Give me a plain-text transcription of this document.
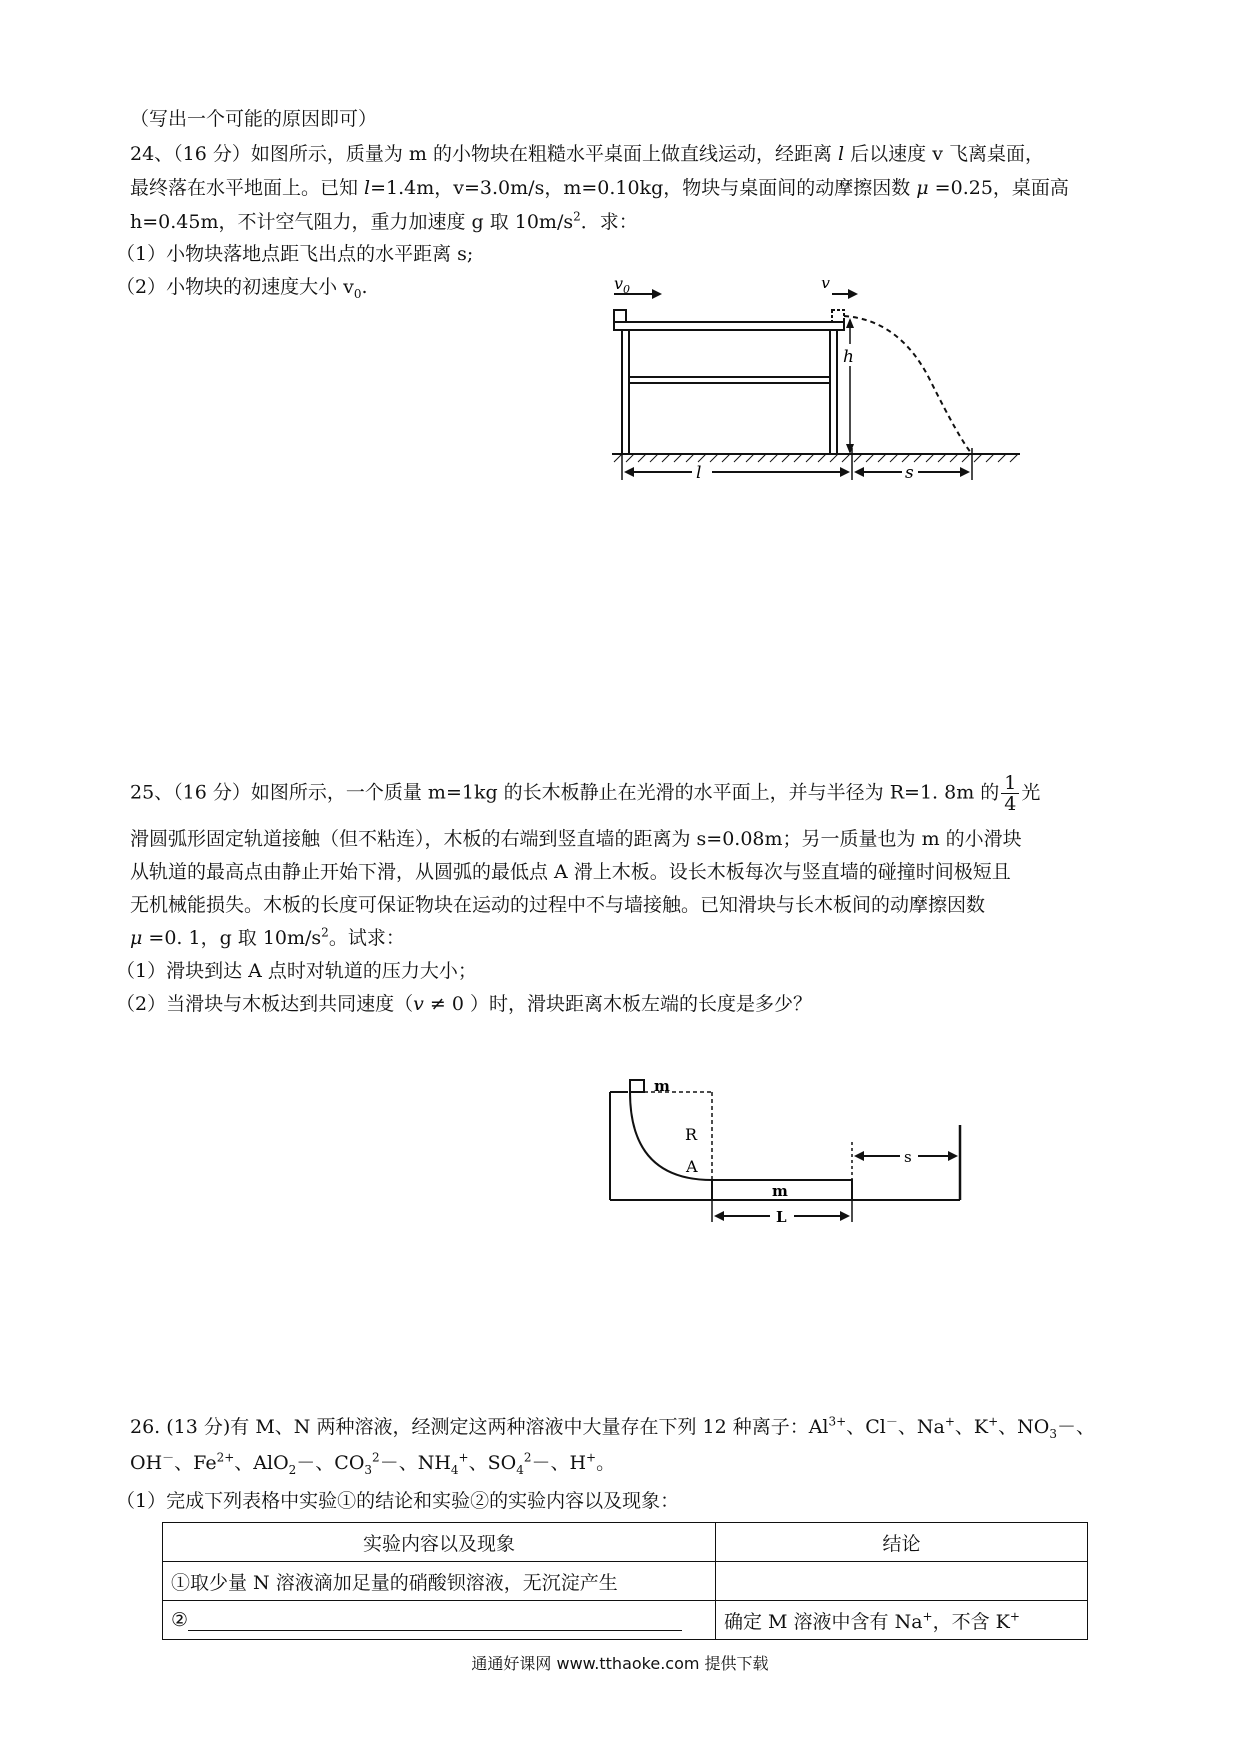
（写出一个可能的原因即可）
24、（16 分）如图所示，质量为 m 的小物块在粗糙水平桌面上做直线运动，经距离 l 后以速度 v 飞离桌面，
最终落在水平地面上。已知 l=1.4m，v=3.0m/s，m=0.10kg，物块与桌面间的动摩擦因数 μ =0.25，桌面高
h=0.45m，不计空气阻力，重力加速度 g 取 $10m/s^2$．求：
（1）小物块落地点距飞出点的水平距离 s;
（2）小物块的初速度大小 $v_0$.	$v_0$	v
h
l	s
25、（16 分）如图所示，一个质量 m=1kg 的长木板静止在光滑的水平面上，并与半径为 R=1. 8m 的 $\frac{1}{4}$ 光
滑圆弧形固定轨道接触（但不粘连），木板的右端到竖直墙的距离为 s=0.08m；另一质量也为 m 的小滑块
从轨道的最高点由静止开始下滑，从圆弧的最低点 A 滑上木板。设长木板每次与竖直墙的碰撞时间极短且
无机械能损失。木板的长度可保证物块在运动的过程中不与墙接触。已知滑块与长木板间的动摩擦因数
μ =0. 1，g 取 $10m/s^2$。试求：
（1）滑块到达 A 点时对轨道的压力大小；
（2）当滑块与木板达到共同速度（v ≠ 0 ）时，滑块距离木板左端的长度是多少？
m
R
A
m
s
L
26. (13 分)有 M、N 两种溶液，经测定这两种溶液中大量存在下列 12 种离子：$Al^{3+}$、Cl－、Na+、K+、$NO_3-$、
OH－、$Fe^{2+}$、AlO$_2$－、$CO_3^2-$、$NH_4^+$、$SO_4^2-$、H+。
（1）完成下列表格中实验①的结论和实验②的实验内容以及现象：
实验内容以及现象	结论
①取少量 N 溶液滴加足量的硝酸钡溶液，无沉淀产生	
②	确定 M 溶液中含有 Na+，不含 K+
通通好课网 www.tthaoke.com 提供下载
